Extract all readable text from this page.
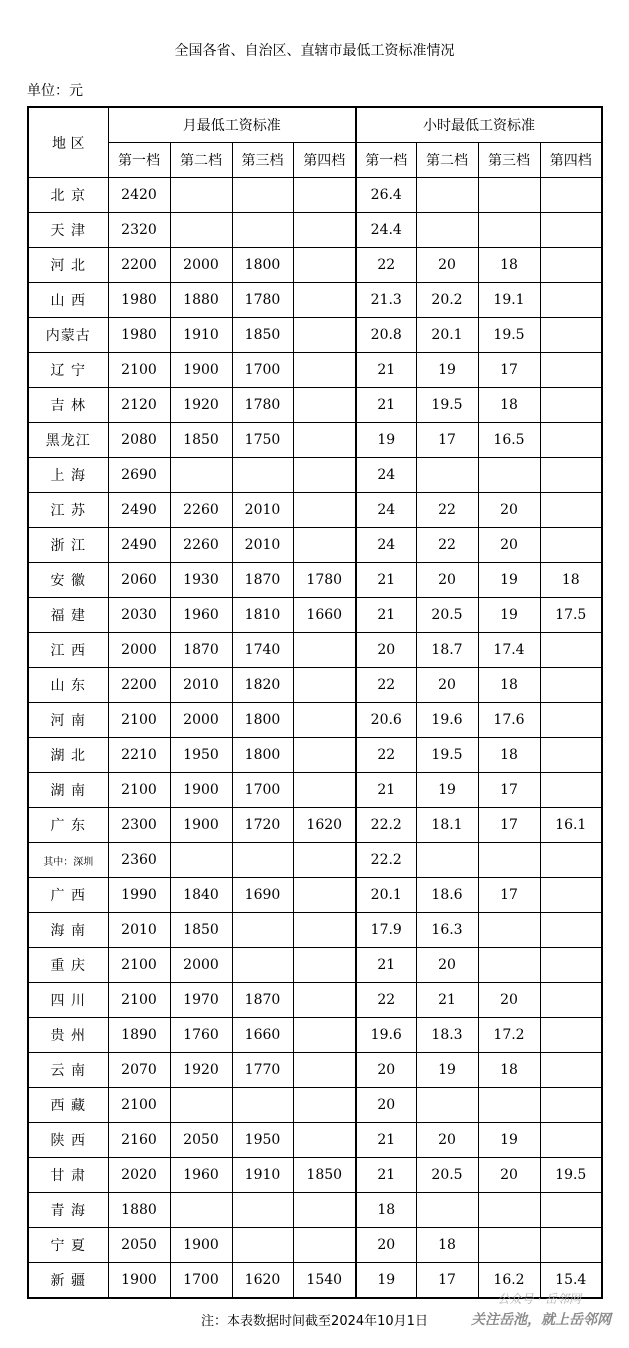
全国各省、自治区、直辖市最低工资标准情况
单位：元
地 区	月最低工资标准				小时最低工资标准			
	第一档	第二档	第三档	第四档	第一档	第二档	第三档	第四档
北 京	2420				26.4			
天 津	2320				24.4			
河 北	2200	2000	1800		22	20	18	
山 西	1980	1880	1780		21.3	20.2	19.1	
内蒙古	1980	1910	1850		20.8	20.1	19.5	
辽 宁	2100	1900	1700		21	19	17	
吉 林	2120	1920	1780		21	19.5	18	
黑龙江	2080	1850	1750		19	17	16.5	
上 海	2690				24			
江 苏	2490	2260	2010		24	22	20	
浙 江	2490	2260	2010		24	22	20	
安 徽	2060	1930	1870	1780	21	20	19	18
福 建	2030	1960	1810	1660	21	20.5	19	17.5
江 西	2000	1870	1740		20	18.7	17.4	
山 东	2200	2010	1820		22	20	18	
河 南	2100	2000	1800		20.6	19.6	17.6	
湖 北	2210	1950	1800		22	19.5	18	
湖 南	2100	1900	1700		21	19	17	
广 东	2300	1900	1720	1620	22.2	18.1	17	16.1
其中：深圳	2360				22.2			
广 西	1990	1840	1690		20.1	18.6	17	
海 南	2010	1850			17.9	16.3		
重 庆	2100	2000			21	20		
四 川	2100	1970	1870		22	21	20	
贵 州	1890	1760	1660		19.6	18.3	17.2	
云 南	2070	1920	1770		20	19	18	
西 藏	2100				20			
陕 西	2160	2050	1950		21	20	19	
甘 肃	2020	1960	1910	1850	21	20.5	20	19.5
青 海	1880				18			
宁 夏	2050	1900			20	18		
新 疆	1900	1700	1620	1540	19	17	16.2	15.4
注：本表数据时间截至2024年10月1日
公众号 · 岳邻网
关注岳池，就上岳邻网
